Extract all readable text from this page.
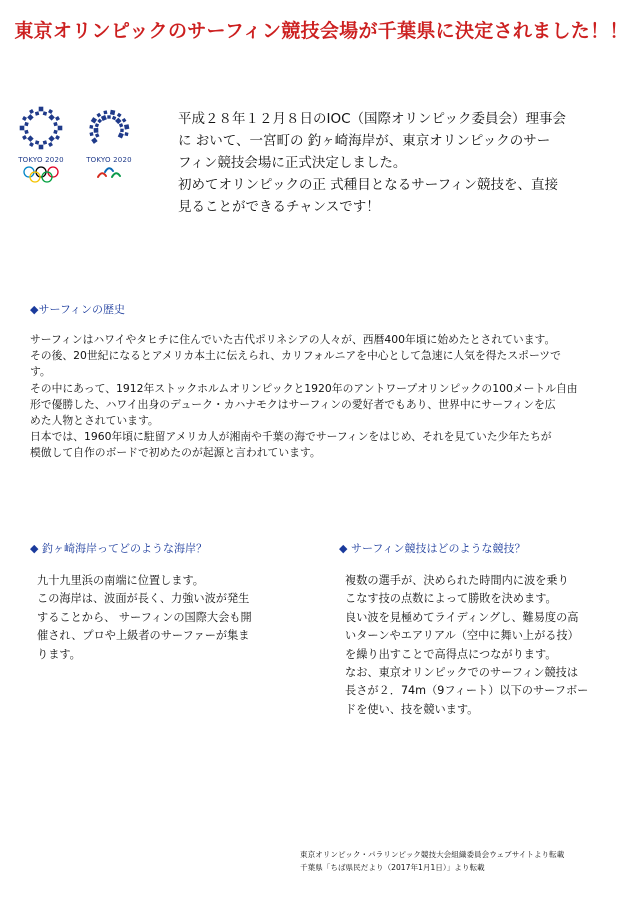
東京オリンピックのサーフィン競技会場が千葉県に決定されました！！
TOKYO 2020	TOKYO 2020

平成２８年１２月８日のIOC（国際オリンピック委員会）理事会

に おいて、一宮町の 釣ヶ崎海岸が、東京オリンピックのサー

フィン競技会場に正式決定しました。

初めてオリンピックの正 式種目となるサーフィン競技を、直接

見ることができるチャンスです！

◆サーフィンの歴史

サーフィンはハワイやタヒチに住んでいた古代ポリネシアの人々が、西暦400年頃に始めたとされています。

その後、20世紀になるとアメリカ本土に伝えられ、カリフォルニアを中心として急速に人気を得たスポーツで

す。

その中にあって、1912年ストックホルムオリンピックと1920年のアントワープオリンピックの100メートル自由

形で優勝した、ハワイ出身のデューク・カハナモクはサーフィンの愛好者でもあり、世界中にサーフィンを広

めた人物とされています。

日本では、1960年頃に駐留アメリカ人が湘南や千葉の海でサーフィンをはじめ、それを見ていた少年たちが

模倣して自作のボードで初めたのが起源と言われています。

◆ 釣ヶ崎海岸ってどのような海岸？

九十九里浜の南端に位置します。

この海岸は、波面が長く、力強い波が発生

することから、 サーフィンの国際大会も開

催され、プロや上級者のサーファーが集ま

ります。

◆ サーフィン競技はどのような競技？

複数の選手が、決められた時間内に波を乗り

こなす技の点数によって勝敗を決めます。

良い波を見極めてライディングし、難易度の高

いターンやエアリアル（空中に舞い上がる技）

を繰り出すことで高得点につながります。

なお、東京オリンピックでのサーフィン競技は

長さが２．74m（9フィート）以下のサーフボー

ドを使い、技を競います。

東京オリンピック・パラリンピック競技大会組織委員会ウェブサイトより転載
千葉県「ちば県民だより（2017年1月1日）」より転載
